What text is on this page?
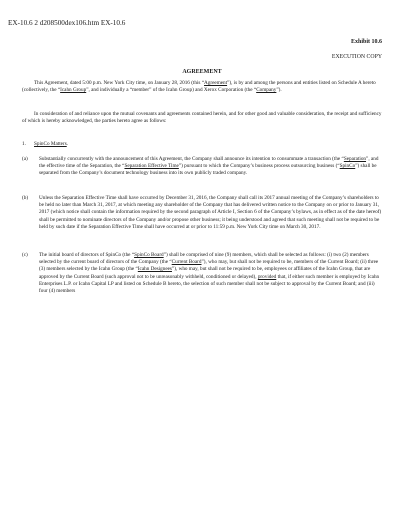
EX-10.6 2 d208500dex106.htm EX-10.6
Exhibit 10.6
EXECUTION COPY
AGREEMENT
This Agreement, dated 5:00 p.m. New York City time, on January 28, 2016 (this “Agreement”), is by and among the persons and entities listed on Schedule A hereto (collectively, the “Icahn Group”, and individually a “member” of the Icahn Group) and Xerox Corporation (the “Company”).
In consideration of and reliance upon the mutual covenants and agreements contained herein, and for other good and valuable consideration, the receipt and sufficiency of which is hereby acknowledged, the parties hereto agree as follows:
1. SpinCo Matters.
(a) Substantially concurrently with the announcement of this Agreement, the Company shall announce its intention to consummate a transaction (the “Separation”, and the effective time of the Separation, the “Separation Effective Time”) pursuant to which the Company’s business process outsourcing business (“SpinCo”) shall be separated from the Company’s document technology business into its own publicly traded company.
(b) Unless the Separation Effective Time shall have occurred by December 31, 2016, the Company shall call its 2017 annual meeting of the Company’s shareholders to be held no later than March 31, 2017, at which meeting any shareholder of the Company that has delivered written notice to the Company on or prior to January 31, 2017 (which notice shall contain the information required by the second paragraph of Article I, Section 6 of the Company’s bylaws, as in effect as of the date hereof) shall be permitted to nominate directors of the Company and/or propose other business; it being understood and agreed that such meeting shall not be required to be held by such date if the Separation Effective Time shall have occurred at or prior to 11:59 p.m. New York City time on March 30, 2017.
(c) The initial board of directors of SpinCo (the “SpinCo Board”) shall be comprised of nine (9) members, which shall be selected as follows: (i) two (2) members selected by the current board of directors of the Company (the “Current Board”), who may, but shall not be required to be, members of the Current Board; (ii) three (3) members selected by the Icahn Group (the “Icahn Designees”), who may, but shall not be required to be, employees or affiliates of the Icahn Group, that are approved by the Current Board (such approval not to be unreasonably withheld, conditioned or delayed), provided that, if either such member is employed by Icahn Enterprises L.P. or Icahn Capital LP and listed on Schedule B hereto, the selection of such member shall not be subject to approval by the Current Board; and (iii) four (4) members
